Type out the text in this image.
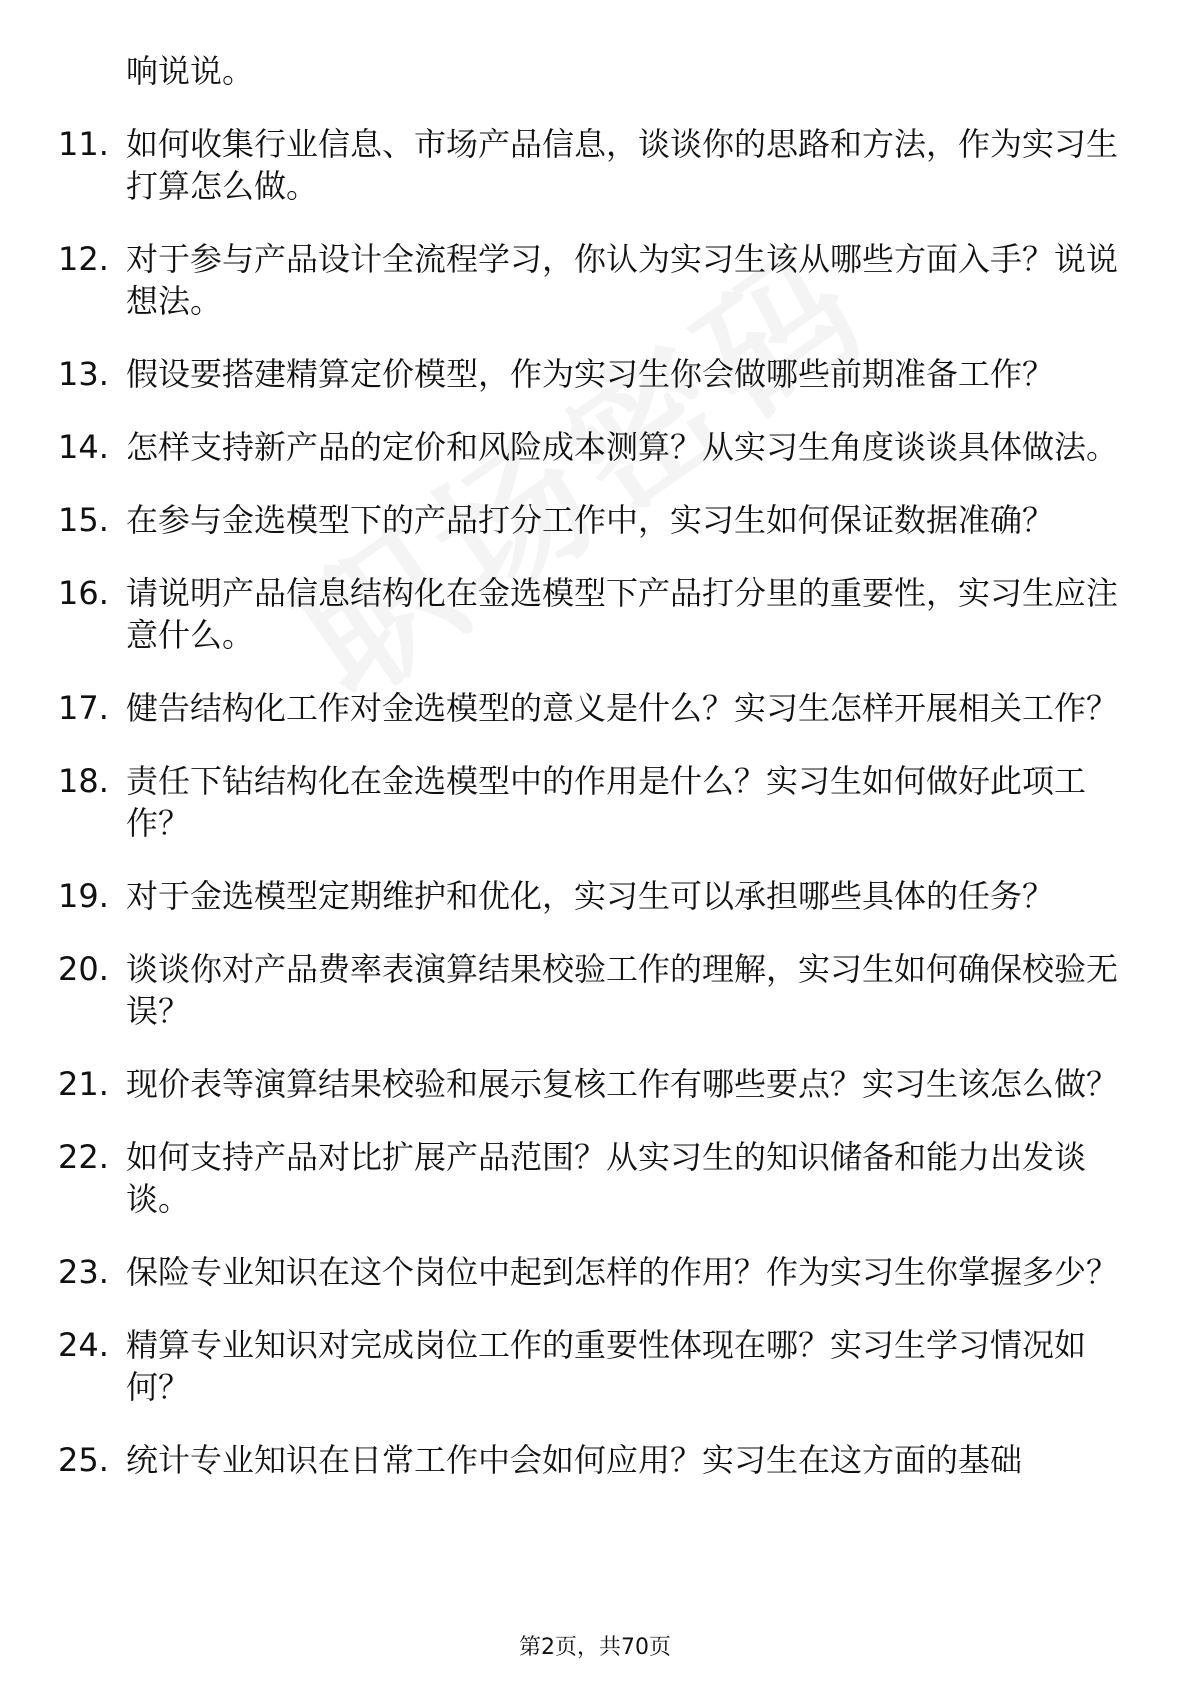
响说说。
11. 如何收集行业信息、市场产品信息，谈谈你的思路和方法，作为实习生打算怎么做。
12. 对于参与产品设计全流程学习，你认为实习生该从哪些方面入手？说说想法。
13. 假设要搭建精算定价模型，作为实习生你会做哪些前期准备工作？
14. 怎样支持新产品的定价和风险成本测算？从实习生角度谈谈具体做法。
15. 在参与金选模型下的产品打分工作中，实习生如何保证数据准确？
16. 请说明产品信息结构化在金选模型下产品打分里的重要性，实习生应注意什么。
17. 健告结构化工作对金选模型的意义是什么？实习生怎样开展相关工作？
18. 责任下钻结构化在金选模型中的作用是什么？实习生如何做好此项工作？
19. 对于金选模型定期维护和优化，实习生可以承担哪些具体的任务？
20. 谈谈你对产品费率表演算结果校验工作的理解，实习生如何确保校验无误？
21. 现价表等演算结果校验和展示复核工作有哪些要点？实习生该怎么做？
22. 如何支持产品对比扩展产品范围？从实习生的知识储备和能力出发谈谈。
23. 保险专业知识在这个岗位中起到怎样的作用？作为实习生你掌握多少？
24. 精算专业知识对完成岗位工作的重要性体现在哪？实习生学习情况如何？
25. 统计专业知识在日常工作中会如何应用？实习生在这方面的基础
第2页，共70页
